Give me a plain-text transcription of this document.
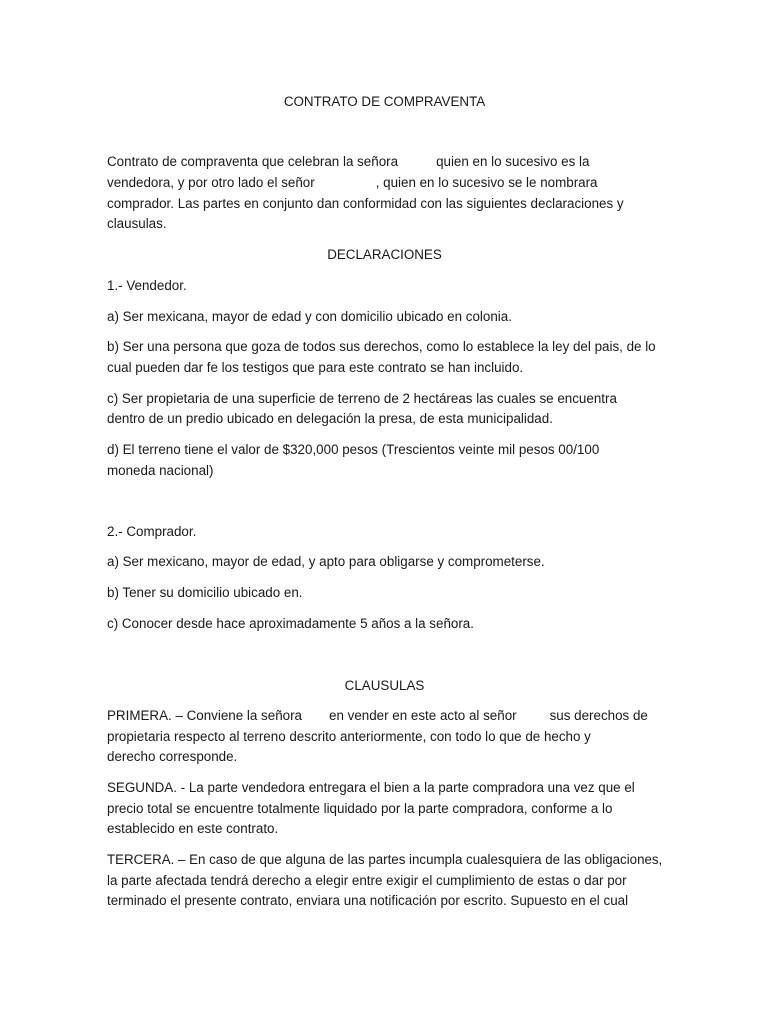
CONTRATO DE COMPRAVENTA
Contrato de compraventa que celebran la señora	quien en lo sucesivo es la
vendedora, y por otro lado el señor	, quien en lo sucesivo se le nombrara
comprador. Las partes en conjunto dan conformidad con las siguientes declaraciones y
clausulas.
DECLARACIONES
1.- Vendedor.
a) Ser mexicana, mayor de edad y con domicilio ubicado en colonia.
b) Ser una persona que goza de todos sus derechos, como lo establece la ley del pais, de lo
cual pueden dar fe los testigos que para este contrato se han incluido.
c) Ser propietaria de una superficie de terreno de 2 hectáreas las cuales se encuentra
dentro de un predio ubicado en delegación la presa, de esta municipalidad.
d) El terreno tiene el valor de $320,000 pesos (Trescientos veinte mil pesos 00/100
moneda nacional)
2.- Comprador.
a) Ser mexicano, mayor de edad, y apto para obligarse y comprometerse.
b) Tener su domicilio ubicado en.
c) Conocer desde hace aproximadamente 5 años a la señora.
CLAUSULAS
PRIMERA. – Conviene la señora en vender en este acto al señor sus derechos de
propietaria respecto al terreno descrito anteriormente, con todo lo que de hecho y
derecho corresponde.
SEGUNDA. - La parte vendedora entregara el bien a la parte compradora una vez que el
precio total se encuentre totalmente liquidado por la parte compradora, conforme a lo
establecido en este contrato.
TERCERA. – En caso de que alguna de las partes incumpla cualesquiera de las obligaciones,
la parte afectada tendrá derecho a elegir entre exigir el cumplimiento de estas o dar por
terminado el presente contrato, enviara una notificación por escrito. Supuesto en el cual
